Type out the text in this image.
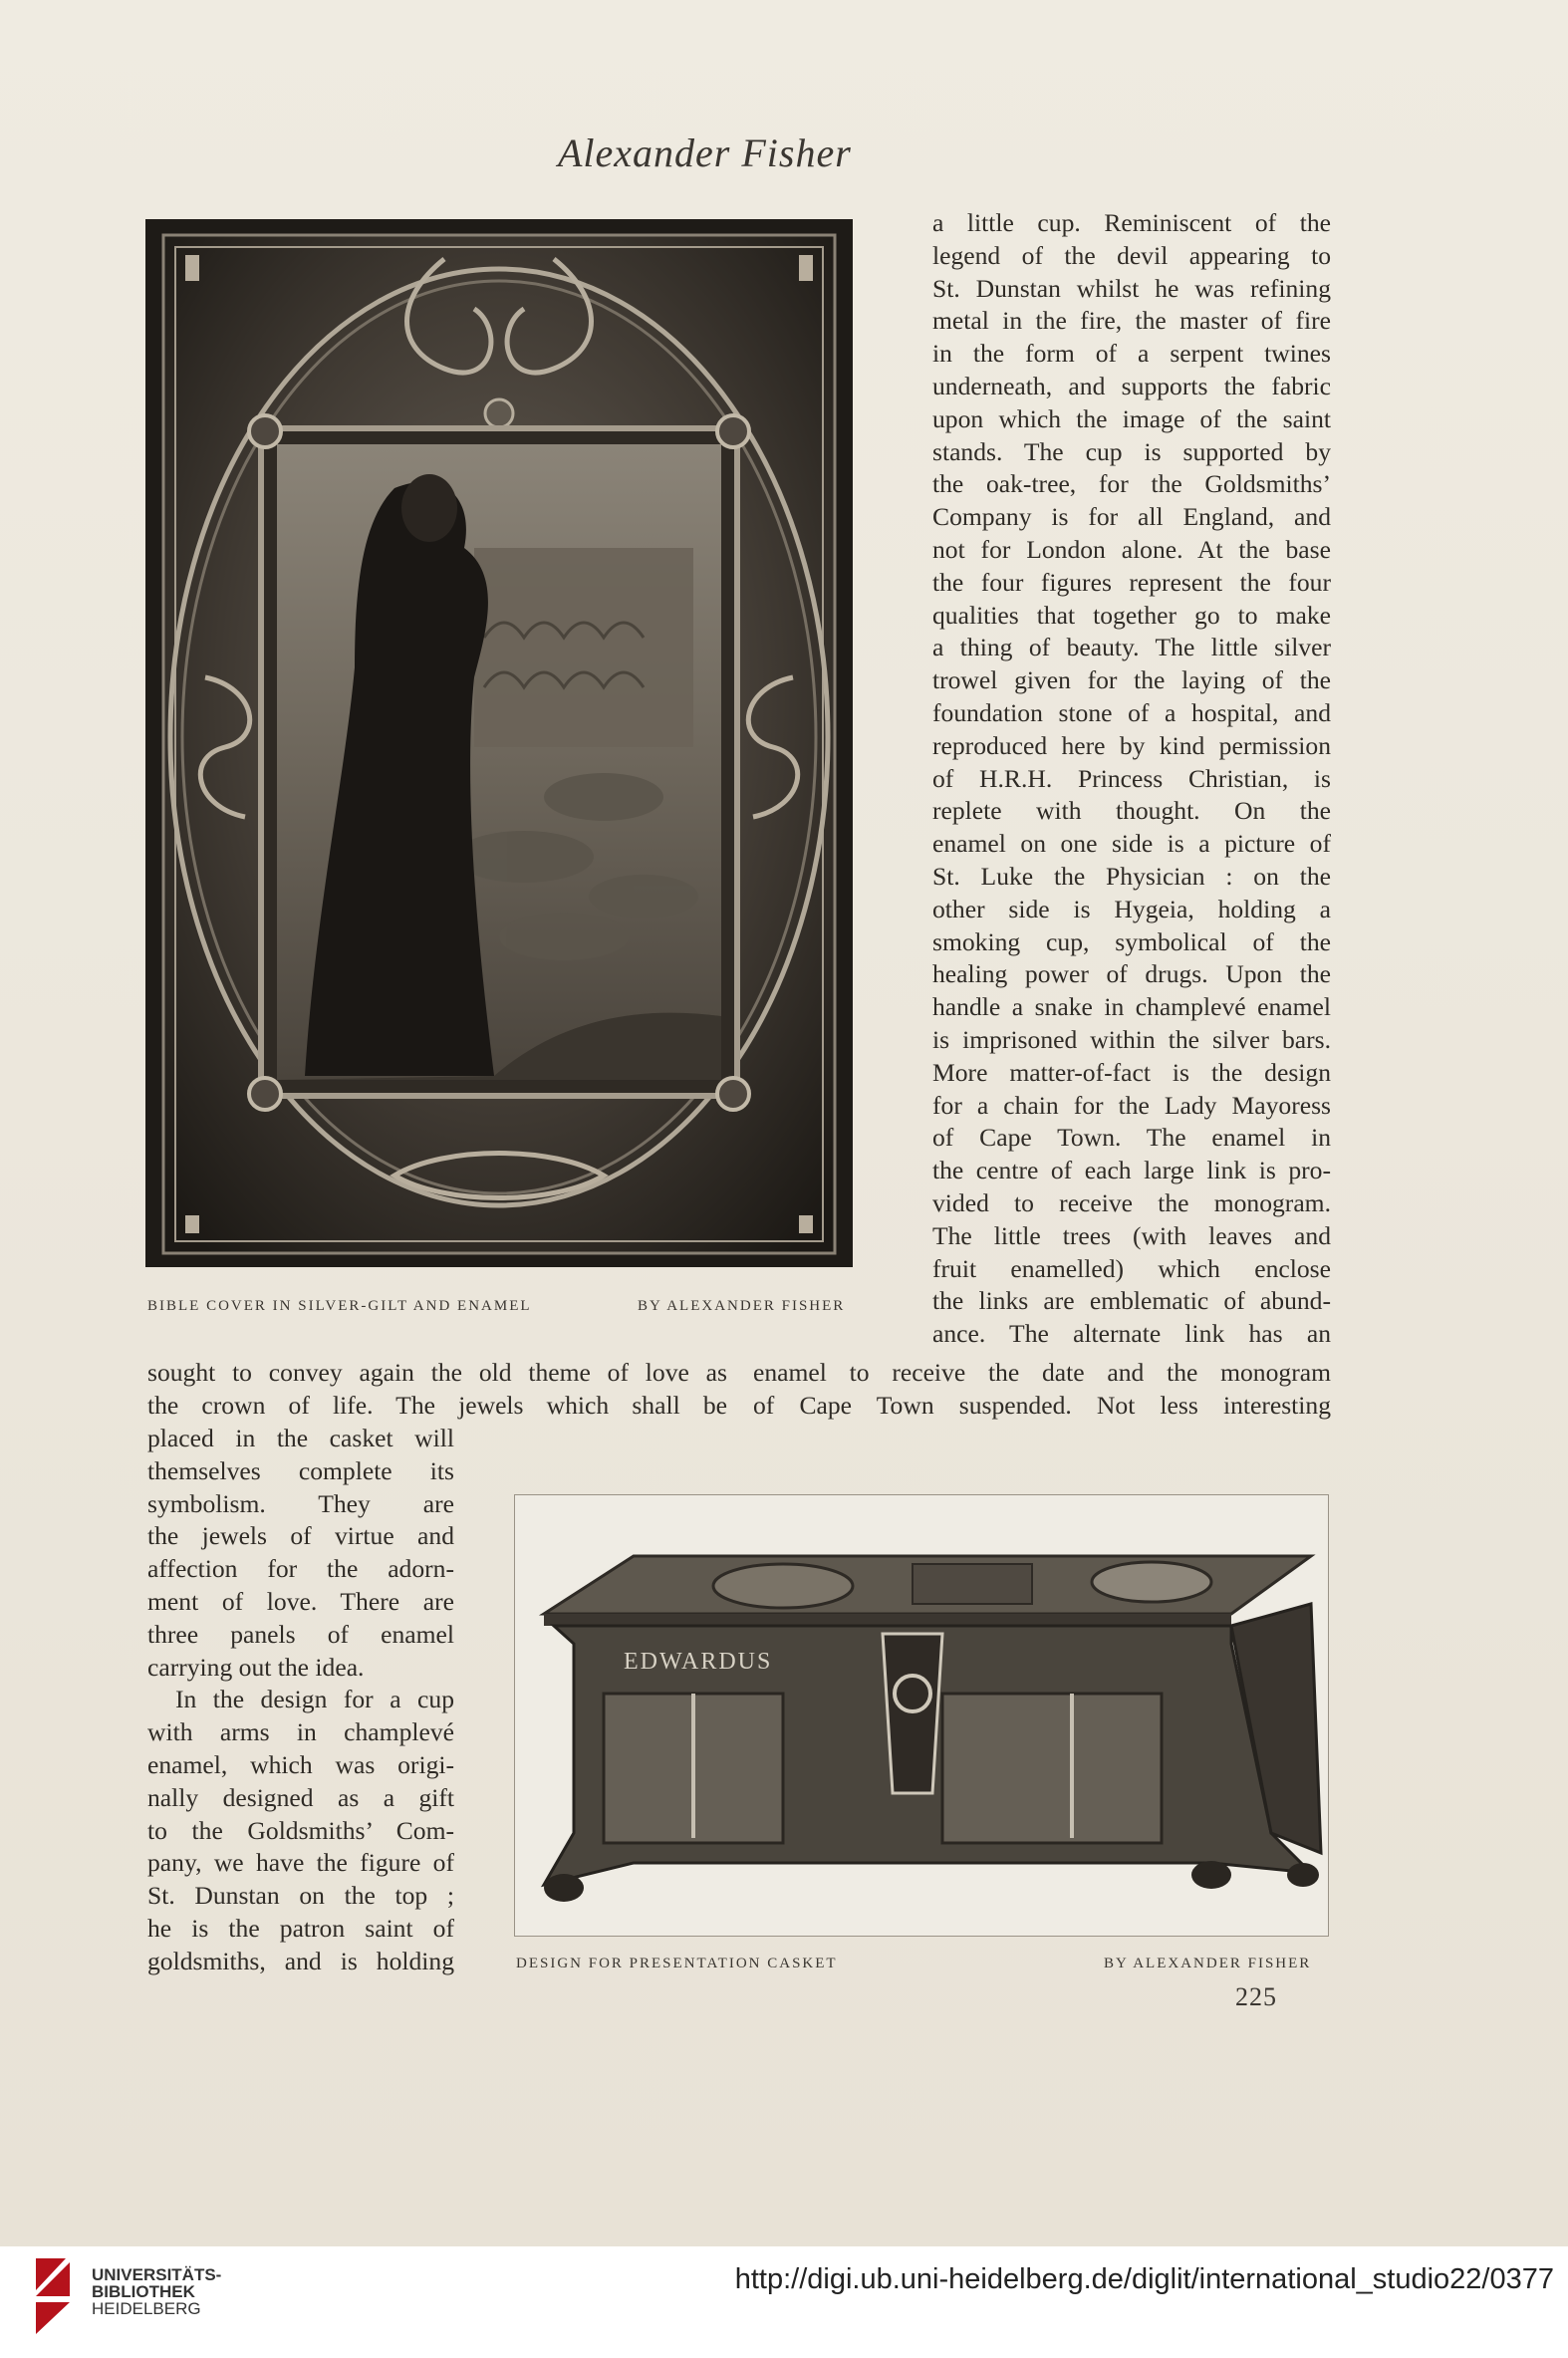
Alexander Fisher
BIBLE COVER IN SILVER-GILT AND ENAMEL	BY ALEXANDER FISHER
a little cup. Reminiscent of the
legend of the devil appearing to
St. Dunstan whilst he was refining
metal in the fire, the master of fire
in the form of a serpent twines
underneath, and supports the fabric
upon which the image of the saint
stands. The cup is supported by
the oak-tree, for the Goldsmiths’
Company is for all England, and
not for London alone. At the base
the four figures represent the four
qualities that together go to make
a thing of beauty. The little silver
trowel given for the laying of the
foundation stone of a hospital, and
reproduced here by kind permission
of H.R.H. Princess Christian, is
replete with thought. On the
enamel on one side is a picture of
St. Luke the Physician : on the
other side is Hygeia, holding a
smoking cup, symbolical of the
healing power of drugs. Upon the
handle a snake in champlevé enamel
is imprisoned within the silver bars.
More matter-of-fact is the design
for a chain for the Lady Mayoress
of Cape Town. The enamel in
the centre of each large link is pro-
vided to receive the monogram.
The little trees (with leaves and
fruit enamelled) which enclose
the links are emblematic of abund-
ance. The alternate link has an
sought to convey again the old theme of love as
the crown of life. The jewels which shall be
enamel to receive the date and the monogram
of Cape Town suspended. Not less interesting
placed in the casket will
themselves complete its
symbolism. They are
the jewels of virtue and
affection for the adorn-
ment of love. There are
three panels of enamel
carrying out the idea.
In the design for a cup
with arms in champlevé
enamel, which was origi-
nally designed as a gift
to the Goldsmiths’ Com-
pany, we have the figure of
St. Dunstan on the top ;
he is the patron saint of
goldsmiths, and is holding
EDWARDUS
DESIGN FOR PRESENTATION CASKET	BY ALEXANDER FISHER
225
UNIVERSITÄTS-
BIBLIOTHEK
HEIDELBERG
http://digi.ub.uni-heidelberg.de/diglit/international_studio22/0377
